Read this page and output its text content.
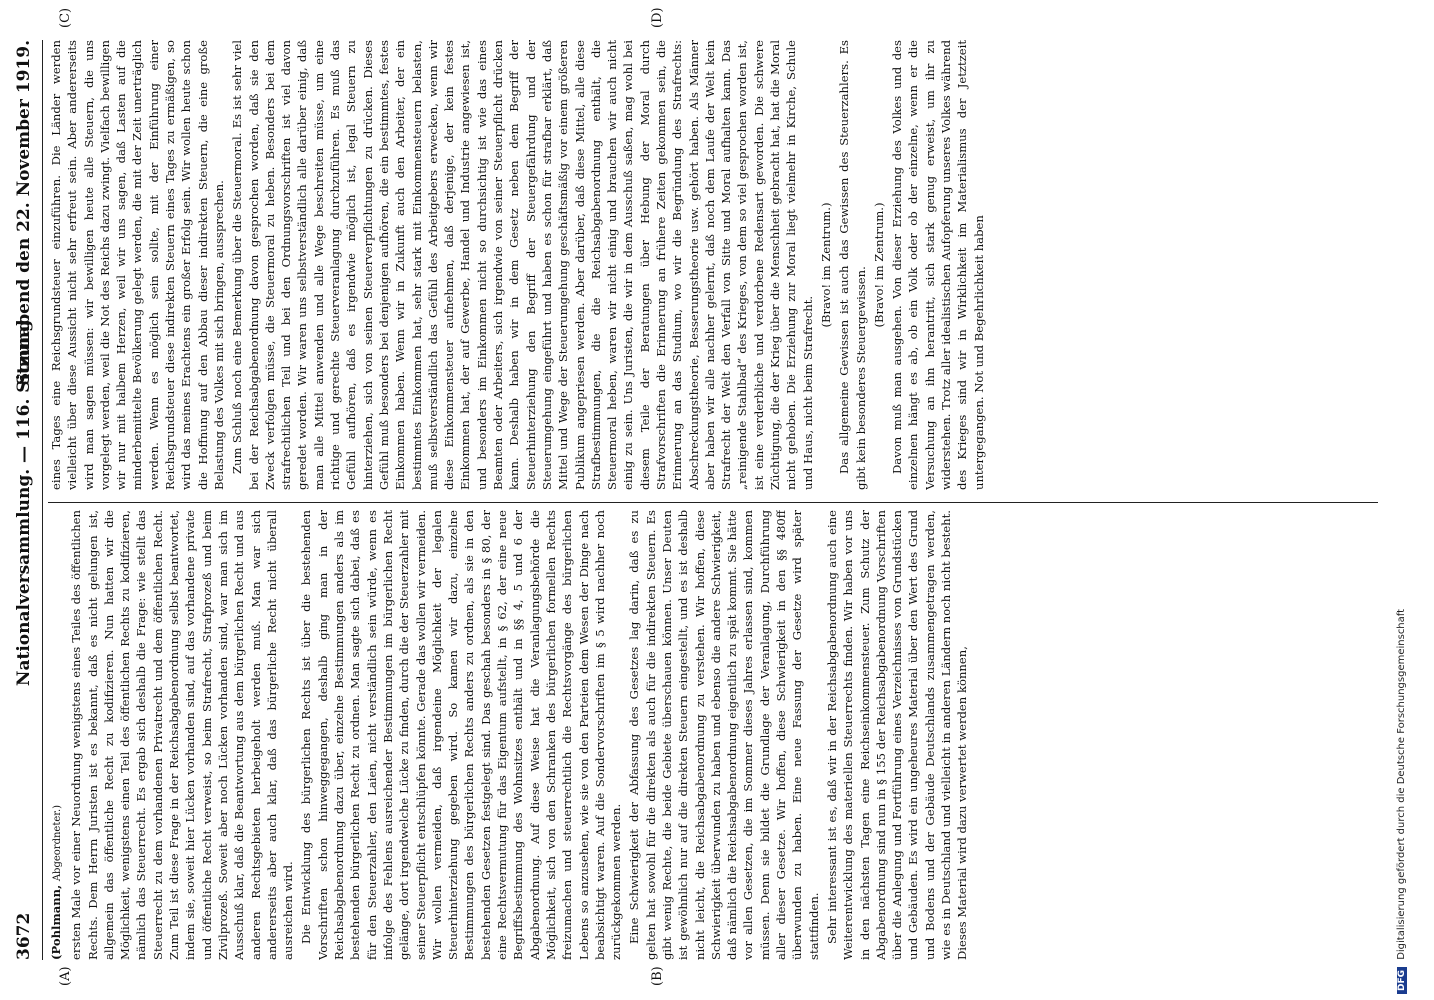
3672
Nationalversammlung. — 116. Sitzung.
Sonnabend den 22. November 1919.
(A)	(B)
(C)	(D)

(Pohlmann, Abgeordneter.) ersten Male vor einer Neuordnung wenigstens eines Teiles des öffentlichen Rechts. Dem Herrn Juristen ist es bekannt, daß es nicht gelungen ist, allgemein das öffentliche Recht zu kodifizieren. Nun hatten wir die Möglichkeit, wenigstens einen Teil des öffentlichen Rechts zu kodifizieren, nämlich das Steuerrecht. Es ergab sich deshalb die Frage: wie stellt das Steuerrecht zu dem vorhandenen Privatrecht und dem öffentlichen Recht. Zum Teil ist diese Frage in der Reichsabgabenordnung selbst beantwortet, indem sie, soweit hier Lücken vorhanden sind, auf das vorhandene private und öffentliche Recht verweist, so beim Strafrecht, Strafprozeß und beim Zivilprozeß. Soweit aber noch Lücken vorhanden sind, war man sich im Ausschuß klar, daß die Beantwortung aus dem bürgerlichen Recht und aus anderen Rechtsgebieten herbeigeholt werden muß. Man war sich andererseits aber auch klar, daß das bürgerliche Recht nicht überall ausreichen wird. Die Entwicklung des bürgerlichen Rechts ist über die bestehenden Vorschriften schon hinweggegangen, deshalb ging man in der Reichsabgabenordnung dazu über, einzelne Bestimmungen anders als im bestehenden bürgerlichen Recht zu ordnen. Man sagte sich dabei, daß es für den Steuerzahler, den Laien, nicht verständlich sein würde, wenn es infolge des Fehlens ausreichender Bestimmungen im bürgerlichen Recht gelänge, dort irgendwelche Lücke zu finden, durch die der Steuerzahler mit seiner Steuerpflicht entschlüpfen könnte. Gerade das wollen wir vermeiden. Wir wollen vermeiden, daß irgendeine Möglichkeit der legalen Steuerhinterziehung gegeben wird. So kamen wir dazu, einzelne Bestimmungen des bürgerlichen Rechts anders zu ordnen, als sie in den bestehenden Gesetzen festgelegt sind. Das geschah besonders in § 80, der eine Rechtsvermutung für das Eigentum aufstellt, in § 62, der eine neue Begriffsbestimmung des Wohnsitzes enthält und in §§ 4, 5 und 6 der Abgabenordnung. Auf diese Weise hat die Veranlagungsbehörde die Möglichkeit, sich von den Schranken des bürgerlichen formellen Rechts freizumachen und steuerrechtlich die Rechtsvorgänge des bürgerlichen Lebens so anzusehen, wie sie von den Parteien dem Wesen der Dinge nach beabsichtigt waren. Auf die Sondervorschriften im § 5 wird nachher noch zurückgekommen werden. Eine Schwierigkeit der Abfassung des Gesetzes lag darin, daß es zu gelten hat sowohl für die direkten als auch für die indirekten Steuern. Es gibt wenig Rechte, die beide Gebiete überschauen können. Unser Deuten ist gewöhnlich nur auf die direkten Steuern eingestellt, und es ist deshalb nicht leicht, die Reichsabgabenordnung zu verstehen. Wir hoffen, diese Schwierigkeit überwunden zu haben und ebenso die andere Schwierigkeit, daß nämlich die Reichsabgabenordnung eigentlich zu spät kommt. Sie hätte vor allen Gesetzen, die im Sommer dieses Jahres erlassen sind, kommen müssen. Denn sie bildet die Grundlage der Veranlagung, Durchführung aller dieser Gesetze. Wir hoffen, diese Schwierigkeit in den §§ 480ff überwunden zu haben. Eine neue Fassung der Gesetze wird später stattfinden. Sehr interessant ist es, daß wir in der Reichsabgabenordnung auch eine Weiterentwicklung des materiellen Steuerrechts finden. Wir haben vor uns in den nächsten Tagen eine Reichseinkommensteuer. Zum Schutz der Abgabenordnung sind nun in § 155 der Reichsabgabenordnung Vorschriften über die Anlegung und Fortführung eines Verzeichnisses von Grundstücken und Gebäuden. Es wird ein ungeheures Material über den Wert des Grund und Bodens und der Gebäude Deutschlands zusammengetragen werden, wie es in Deutschland und vielleicht in anderen Ländern noch nicht besteht. Dieses Material wird dazu verwertet werden können,

eines Tages eine Reichsgrundsteuer einzuführen. Die Länder werden vielleicht über diese Aussicht nicht sehr erfreut sein. Aber andererseits wird man sagen müssen: wir bewilligen heute alle Steuern, die uns vorgelegt werden, weil die Not des Reichs dazu zwingt. Vielfach bewilligen wir nur mit halbem Herzen, weil wir uns sagen, daß Lasten auf die minderbemittelte Bevölkerung gelegt werden, die mit der Zeit unerträglich werden. Wenn es möglich sein sollte, mit der Einführung einer Reichsgrundsteuer diese indirekten Steuern eines Tages zu ermäßigen, so wird das meines Erachtens ein großer Erfolg sein. Wir wollen heute schon die Hoffnung auf den Abbau dieser indirekten Steuern, die eine große Belastung des Volkes mit sich bringen, aussprechen. Zum Schluß noch eine Bemerkung über die Steuermoral. Es ist sehr viel bei der Reichsabgabenordnung davon gesprochen worden, daß sie den Zweck verfolgen müsse, die Steuermoral zu heben. Besonders bei dem strafrechtlichen Teil und bei den Ordnungsvorschriften ist viel davon geredet worden. Wir waren uns selbstverständlich alle darüber einig, daß man alle Mittel anwenden und alle Wege beschreiten müsse, um eine richtige und gerechte Steuerveranlagung durchzuführen. Es muß das Gefühl aufhören, daß es irgendwie möglich ist, legal Steuern zu hinterziehen, sich von seinen Steuerverpflichtungen zu drücken. Dieses Gefühl muß besonders bei denjenigen aufhören, die ein bestimmtes, festes Einkommen haben. Wenn wir in Zukunft auch den Arbeiter, der ein bestimmtes Einkommen hat, sehr stark mit Einkommensteuern belasten, muß selbstverständlich das Gefühl des Arbeitgebers erwecken, wenn wir diese Einkommensteuer aufnehmen, daß derjenige, der kein festes Einkommen hat, der auf Gewerbe, Handel und Industrie angewiesen ist, und besonders im Einkommen nicht so durchsichtig ist wie das eines Beamten oder Arbeiters, sich irgendwie von seiner Steuerpflicht drücken kann. Deshalb haben wir in dem Gesetz neben dem Begriff der Steuerhinterziehung den Begriff der Steuergefährdung und der Steuerumgehung eingeführt und haben es schon für strafbar erklärt, daß Mittel und Wege der Steuerumgehung geschäftsmäßig vor einem größeren Publikum angepriesen werden. Aber darüber, daß diese Mittel, alle diese Strafbestimmungen, die die Reichsabgabenordnung enthält, die Steuermoral heben, waren wir nicht einig und brauchen wir auch nicht einig zu sein. Uns Juristen, die wir in dem Ausschuß saßen, mag wohl bei diesem Teile der Beratungen über Hebung der Moral durch Strafvorschriften die Erinnerung an frühere Zeiten gekommen sein, die Erinnerung an das Studium, wo wir die Begründung des Strafrechts: Abschreckungstheorie, Besserungstheorie usw. gehört haben. Als Männer aber haben wir alle nachher gelernt, daß noch dem Laufe der Welt kein Strafrecht der Welt den Verfall von Sitte und Moral aufhalten kann. Das „reinigende Stahlbad“ des Krieges, von dem so viel gesprochen worden ist, ist eine verderbliche und verdorbene Redensart geworden. Die schwere Züchtigung, die der Krieg über die Menschheit gebracht hat, hat die Moral nicht gehoben. Die Erziehung zur Moral liegt vielmehr in Kirche, Schule und Haus, nicht beim Strafrecht.

(Bravo! im Zentrum.) Das allgemeine Gewissen ist auch das Gewissen des Steuerzahlers. Es gibt kein besonderes Steuergewissen.

(Bravo! im Zentrum.) Davon muß man ausgehen. Von dieser Erziehung des Volkes und des einzelnen hängt es ab, ob ein Volk oder ob der einzelne, wenn er die Versuchung an ihn herantritt, sich stark genug erweist, um ihr zu widerstehen. Trotz aller idealistischen Aufopferung unseres Volkes während des Krieges sind wir in Wirklichkeit im Materialismus der Jetztzeit untergegangen. Not und Begehrlichkeit haben

DFG Digitalisierung gefördert durch die Deutsche Forschungsgemeinschaft
